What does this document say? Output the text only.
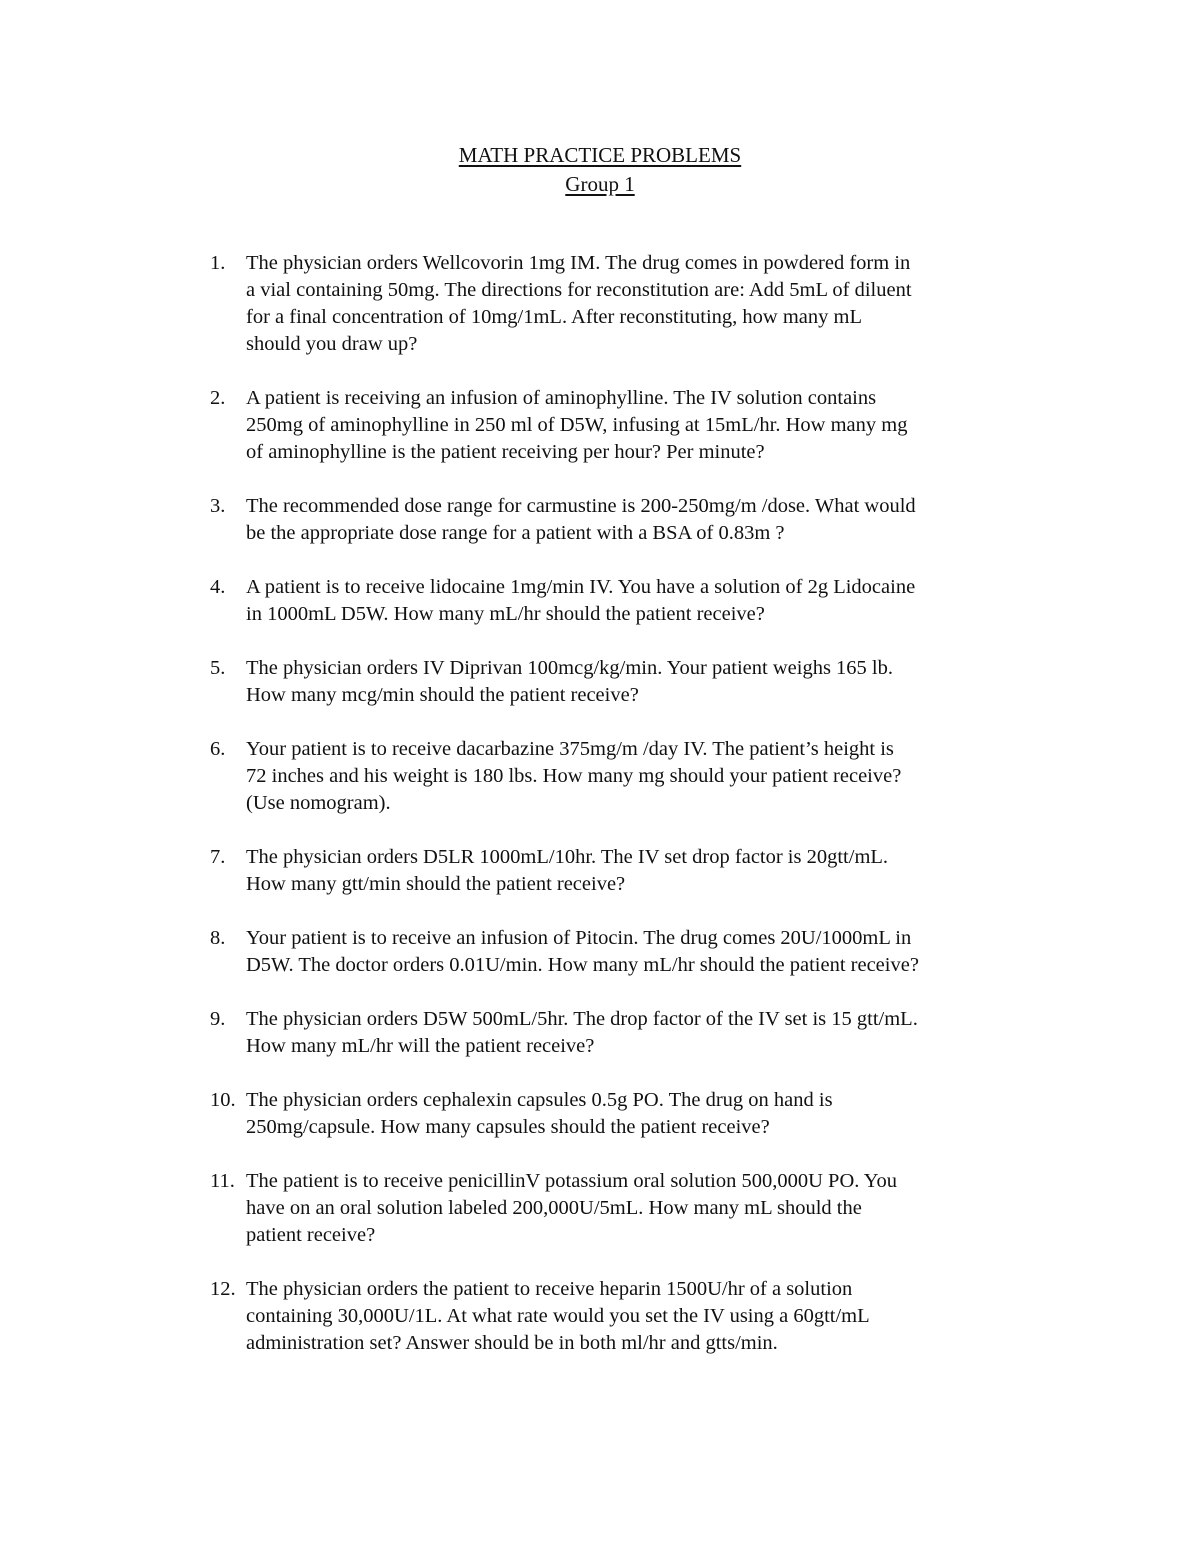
MATH PRACTICE PROBLEMS

Group 1

1. The physician orders Wellcovorin 1mg IM. The drug comes in powdered form in
a vial containing 50mg. The directions for reconstitution are: Add 5mL of diluent
for a final concentration of 10mg/1mL. After reconstituting, how many mL
should you draw up?
2. A patient is receiving an infusion of aminophylline. The IV solution contains
250mg of aminophylline in 250 ml of D5W, infusing at 15mL/hr. How many mg
of aminophylline is the patient receiving per hour? Per minute?
3. The recommended dose range for carmustine is 200-250mg/m /dose. What would
be the appropriate dose range for a patient with a BSA of 0.83m ?
4. A patient is to receive lidocaine 1mg/min IV. You have a solution of 2g Lidocaine
in 1000mL D5W. How many mL/hr should the patient receive?
5. The physician orders IV Diprivan 100mcg/kg/min. Your patient weighs 165 lb.
How many mcg/min should the patient receive?
6. Your patient is to receive dacarbazine 375mg/m /day IV. The patient’s height is
72 inches and his weight is 180 lbs. How many mg should your patient receive?
(Use nomogram).
7. The physician orders D5LR 1000mL/10hr. The IV set drop factor is 20gtt/mL.
How many gtt/min should the patient receive?
8. Your patient is to receive an infusion of Pitocin. The drug comes 20U/1000mL in
D5W. The doctor orders 0.01U/min. How many mL/hr should the patient receive?
9. The physician orders D5W 500mL/5hr. The drop factor of the IV set is 15 gtt/mL.
How many mL/hr will the patient receive?
10. The physician orders cephalexin capsules 0.5g PO. The drug on hand is
250mg/capsule. How many capsules should the patient receive?
11. The patient is to receive penicillinV potassium oral solution 500,000U PO. You
have on an oral solution labeled 200,000U/5mL. How many mL should the
patient receive?
12. The physician orders the patient to receive heparin 1500U/hr of a solution
containing 30,000U/1L. At what rate would you set the IV using a 60gtt/mL
administration set? Answer should be in both ml/hr and gtts/min.
